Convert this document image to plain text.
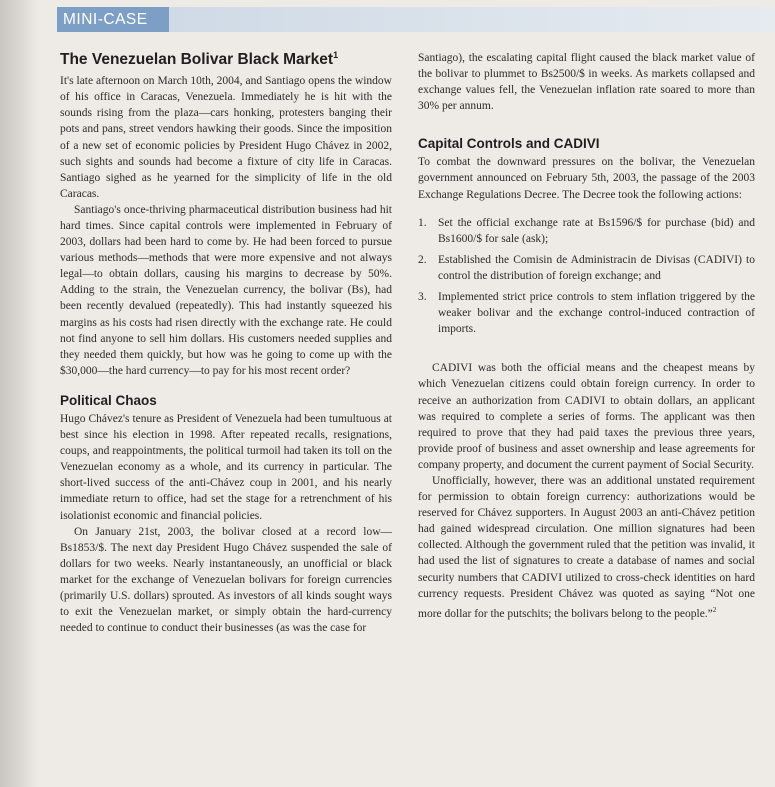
MINI-CASE
The Venezuelan Bolivar Black Market$^1$

It's late afternoon on March 10th, 2004, and Santiago opens the window of his office in Caracas, Venezuela. Immediately he is hit with the sounds rising from the plaza—cars honking, protesters banging their pots and pans, street vendors hawking their goods. Since the imposition of a new set of economic policies by President Hugo Chávez in 2002, such sights and sounds had become a fixture of city life in Caracas. Santiago sighed as he yearned for the simplicity of life in the old Caracas.

Santiago's once-thriving pharmaceutical distribution business had hit hard times. Since capital controls were implemented in February of 2003, dollars had been hard to come by. He had been forced to pursue various methods—methods that were more expensive and not always legal—to obtain dollars, causing his margins to decrease by 50%. Adding to the strain, the Venezuelan currency, the bolivar (Bs), had been recently devalued (repeatedly). This had instantly squeezed his margins as his costs had risen directly with the exchange rate. He could not find anyone to sell him dollars. His customers needed supplies and they needed them quickly, but how was he going to come up with the $30,000—the hard currency—to pay for his most recent order?

Political Chaos

Hugo Chávez's tenure as President of Venezuela had been tumultuous at best since his election in 1998. After repeated recalls, resignations, coups, and reappointments, the political turmoil had taken its toll on the Venezuelan economy as a whole, and its currency in particular. The short-lived success of the anti-Chávez coup in 2001, and his nearly immediate return to office, had set the stage for a retrenchment of his isolationist economic and financial policies.

On January 21st, 2003, the bolivar closed at a record low—Bs1853/$. The next day President Hugo Chávez suspended the sale of dollars for two weeks. Nearly instantaneously, an unofficial or black market for the exchange of Venezuelan bolivars for foreign currencies (primarily U.S. dollars) sprouted. As investors of all kinds sought ways to exit the Venezuelan market, or simply obtain the hard-currency needed to continue to conduct their businesses (as was the case for

Santiago), the escalating capital flight caused the black market value of the bolivar to plummet to Bs2500/$ in weeks. As markets collapsed and exchange values fell, the Venezuelan inflation rate soared to more than 30% per annum.

Capital Controls and CADIVI

To combat the downward pressures on the bolivar, the Venezuelan government announced on February 5th, 2003, the passage of the 2003 Exchange Regulations Decree. The Decree took the following actions:

1. Set the official exchange rate at Bs1596/$ for purchase (bid) and Bs1600/$ for sale (ask);
2. Established the Comisin de Administracin de Divisas (CADIVI) to control the distribution of foreign exchange; and
3. Implemented strict price controls to stem inflation triggered by the weaker bolivar and the exchange control-induced contraction of imports.

CADIVI was both the official means and the cheapest means by which Venezuelan citizens could obtain foreign currency. In order to receive an authorization from CADIVI to obtain dollars, an applicant was required to complete a series of forms. The applicant was then required to prove that they had paid taxes the previous three years, provide proof of business and asset ownership and lease agreements for company property, and document the current payment of Social Security.

Unofficially, however, there was an additional unstated requirement for permission to obtain foreign currency: authorizations would be reserved for Chávez supporters. In August 2003 an anti-Chávez petition had gained widespread circulation. One million signatures had been collected. Although the government ruled that the petition was invalid, it had used the list of signatures to create a database of names and social security numbers that CADIVI utilized to cross-check identities on hard currency requests. President Chávez was quoted as saying “Not one more dollar for the putschits; the bolivars belong to the people.”$^2$
